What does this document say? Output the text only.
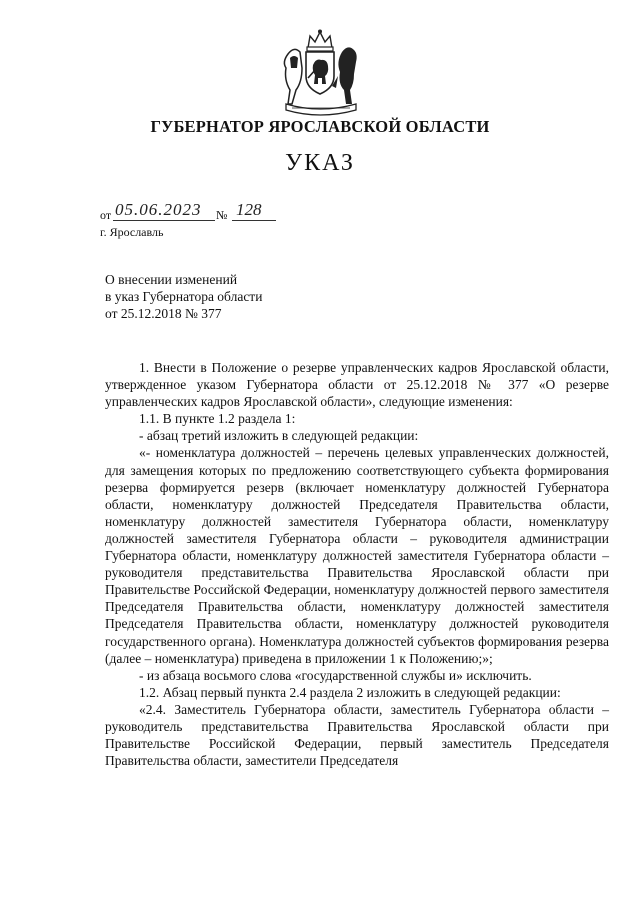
ГУБЕРНАТОР ЯРОСЛАВСКОЙ ОБЛАСТИ
УКАЗ
от 05.06.2023	№ 128
г. Ярославль
О внесении изменений
в указ Губернатора области
от 25.12.2018 № 377

1. Внести в Положение о резерве управленческих кадров Ярославской области, утвержденное указом Губернатора области от 25.12.2018 № 377 «О резерве управленческих кадров Ярославской области», следующие изменения:

1.1. В пункте 1.2 раздела 1:

- абзац третий изложить в следующей редакции:

«- номенклатура должностей – перечень целевых управленческих должностей, для замещения которых по предложению соответствующего субъекта формирования резерва формируется резерв (включает номенклатуру должностей Губернатора области, номенклатуру должностей Председателя Правительства области, номенклатуру должностей заместителя Губернатора области, номенклатуру должностей заместителя Губернатора области – руководителя администрации Губернатора области, номенклатуру должностей заместителя Губернатора области – руководителя представительства Правительства Ярославской области при Правительстве Российской Федерации, номенклатуру должностей первого заместителя Председателя Правительства области, номенклатуру должностей заместителя Председателя Правительства области, номенклатуру должностей руководителя государственного органа). Номенклатура должностей субъектов формирования резерва (далее – номенклатура) приведена в приложении 1 к Положению;»;

- из абзаца восьмого слова «государственной службы и» исключить.

1.2. Абзац первый пункта 2.4 раздела 2 изложить в следующей редакции:

«2.4. Заместитель Губернатора области, заместитель Губернатора области – руководитель представительства Правительства Ярославской области при Правительстве Российской Федерации, первый заместитель Председателя Правительства области, заместители Председателя
